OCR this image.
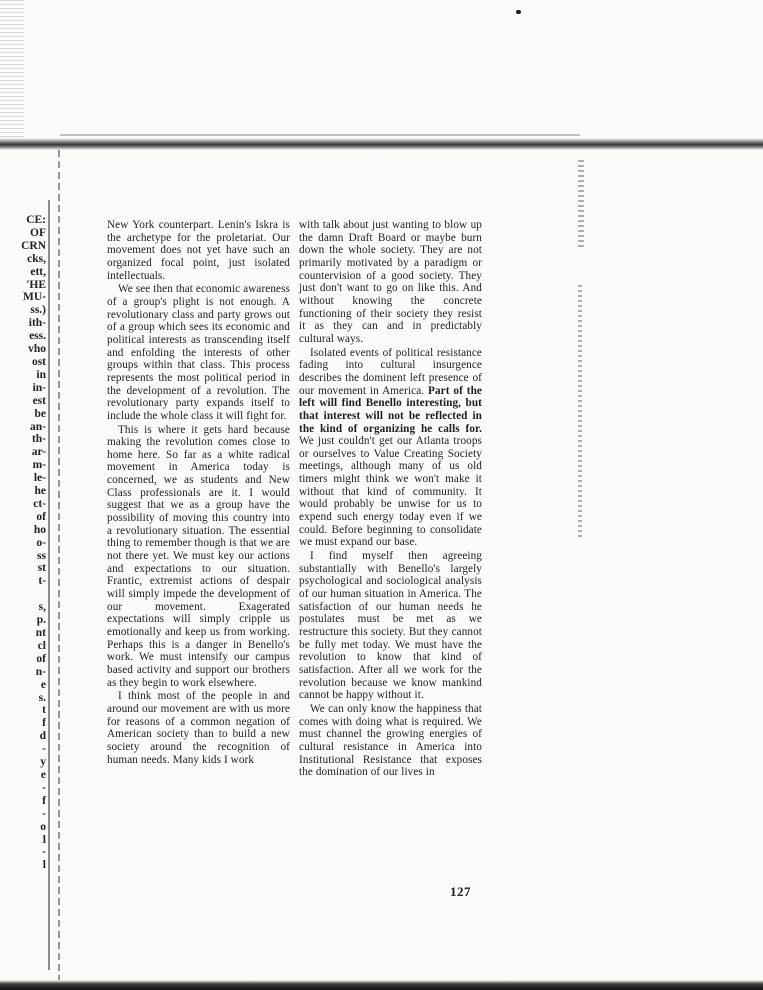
CE:
OF
CRN
cks,
ett,
'HE
MU-
ss.)
ith-
ess.
vho
ost
in
in-
est
be
an-
th-
ar-
m-
le-
he
ct-
of
ho
o-
ss
st
t-

s,
p.
nt
cl
of
n-
e
s.
t
f
d
-
y
e
-
f
-
o
l
-
l

New York counterpart. Lenin's Iskra is the archetype for the proletariat. Our movement does not yet have such an organized focal point, just isolated intellectuals.

We see then that economic awareness of a group's plight is not enough. A revolutionary class and party grows out of a group which sees its economic and political interests as transcending itself and enfolding the interests of other groups within that class. This process represents the most political period in the development of a revolution. The revolutionary party expands itself to include the whole class it will fight for.

This is where it gets hard because making the revolution comes close to home here. So far as a white radical movement in America today is concerned, we as students and New Class professionals are it. I would suggest that we as a group have the possibility of moving this country into a revolutionary situation. The essential thing to remember though is that we are not there yet. We must key our actions and expectations to our situation. Frantic, extremist actions of despair will simply impede the development of our movement. Exagerated expectations will simply cripple us emotionally and keep us from working. Perhaps this is a danger in Benello's work. We must intensify our campus based activity and support our brothers as they begin to work elsewhere.

I think most of the people in and around our movement are with us more for reasons of a common negation of American society than to build a new society around the recognition of human needs. Many kids I work

with talk about just wanting to blow up the damn Draft Board or maybe burn down the whole society. They are not primarily motivated by a paradigm or countervision of a good society. They just don't want to go on like this. And without knowing the concrete functioning of their society they resist it as they can and in predictably cultural ways.

Isolated events of political resistance fading into cultural insurgence describes the dominent left presence of our movement in America. Part of the left will find Benello interesting, but that interest will not be reflected in the kind of organizing he calls for. We just couldn't get our Atlanta troops or ourselves to Value Creating Society meetings, although many of us old timers might think we won't make it without that kind of community. It would probably be unwise for us to expend such energy today even if we could. Before beginning to consolidate we must expand our base.

I find myself then agreeing substantially with Benello's largely psychological and sociological analysis of our human situation in America. The satisfaction of our human needs he postulates must be met as we restructure this society. But they cannot be fully met today. We must have the revolution to know that kind of satisfaction. After all we work for the revolution because we know mankind cannot be happy without it.

We can only know the happiness that comes with doing what is required. We must channel the growing energies of cultural resistance in America into Institutional Resistance that exposes the domination of our lives in

127
